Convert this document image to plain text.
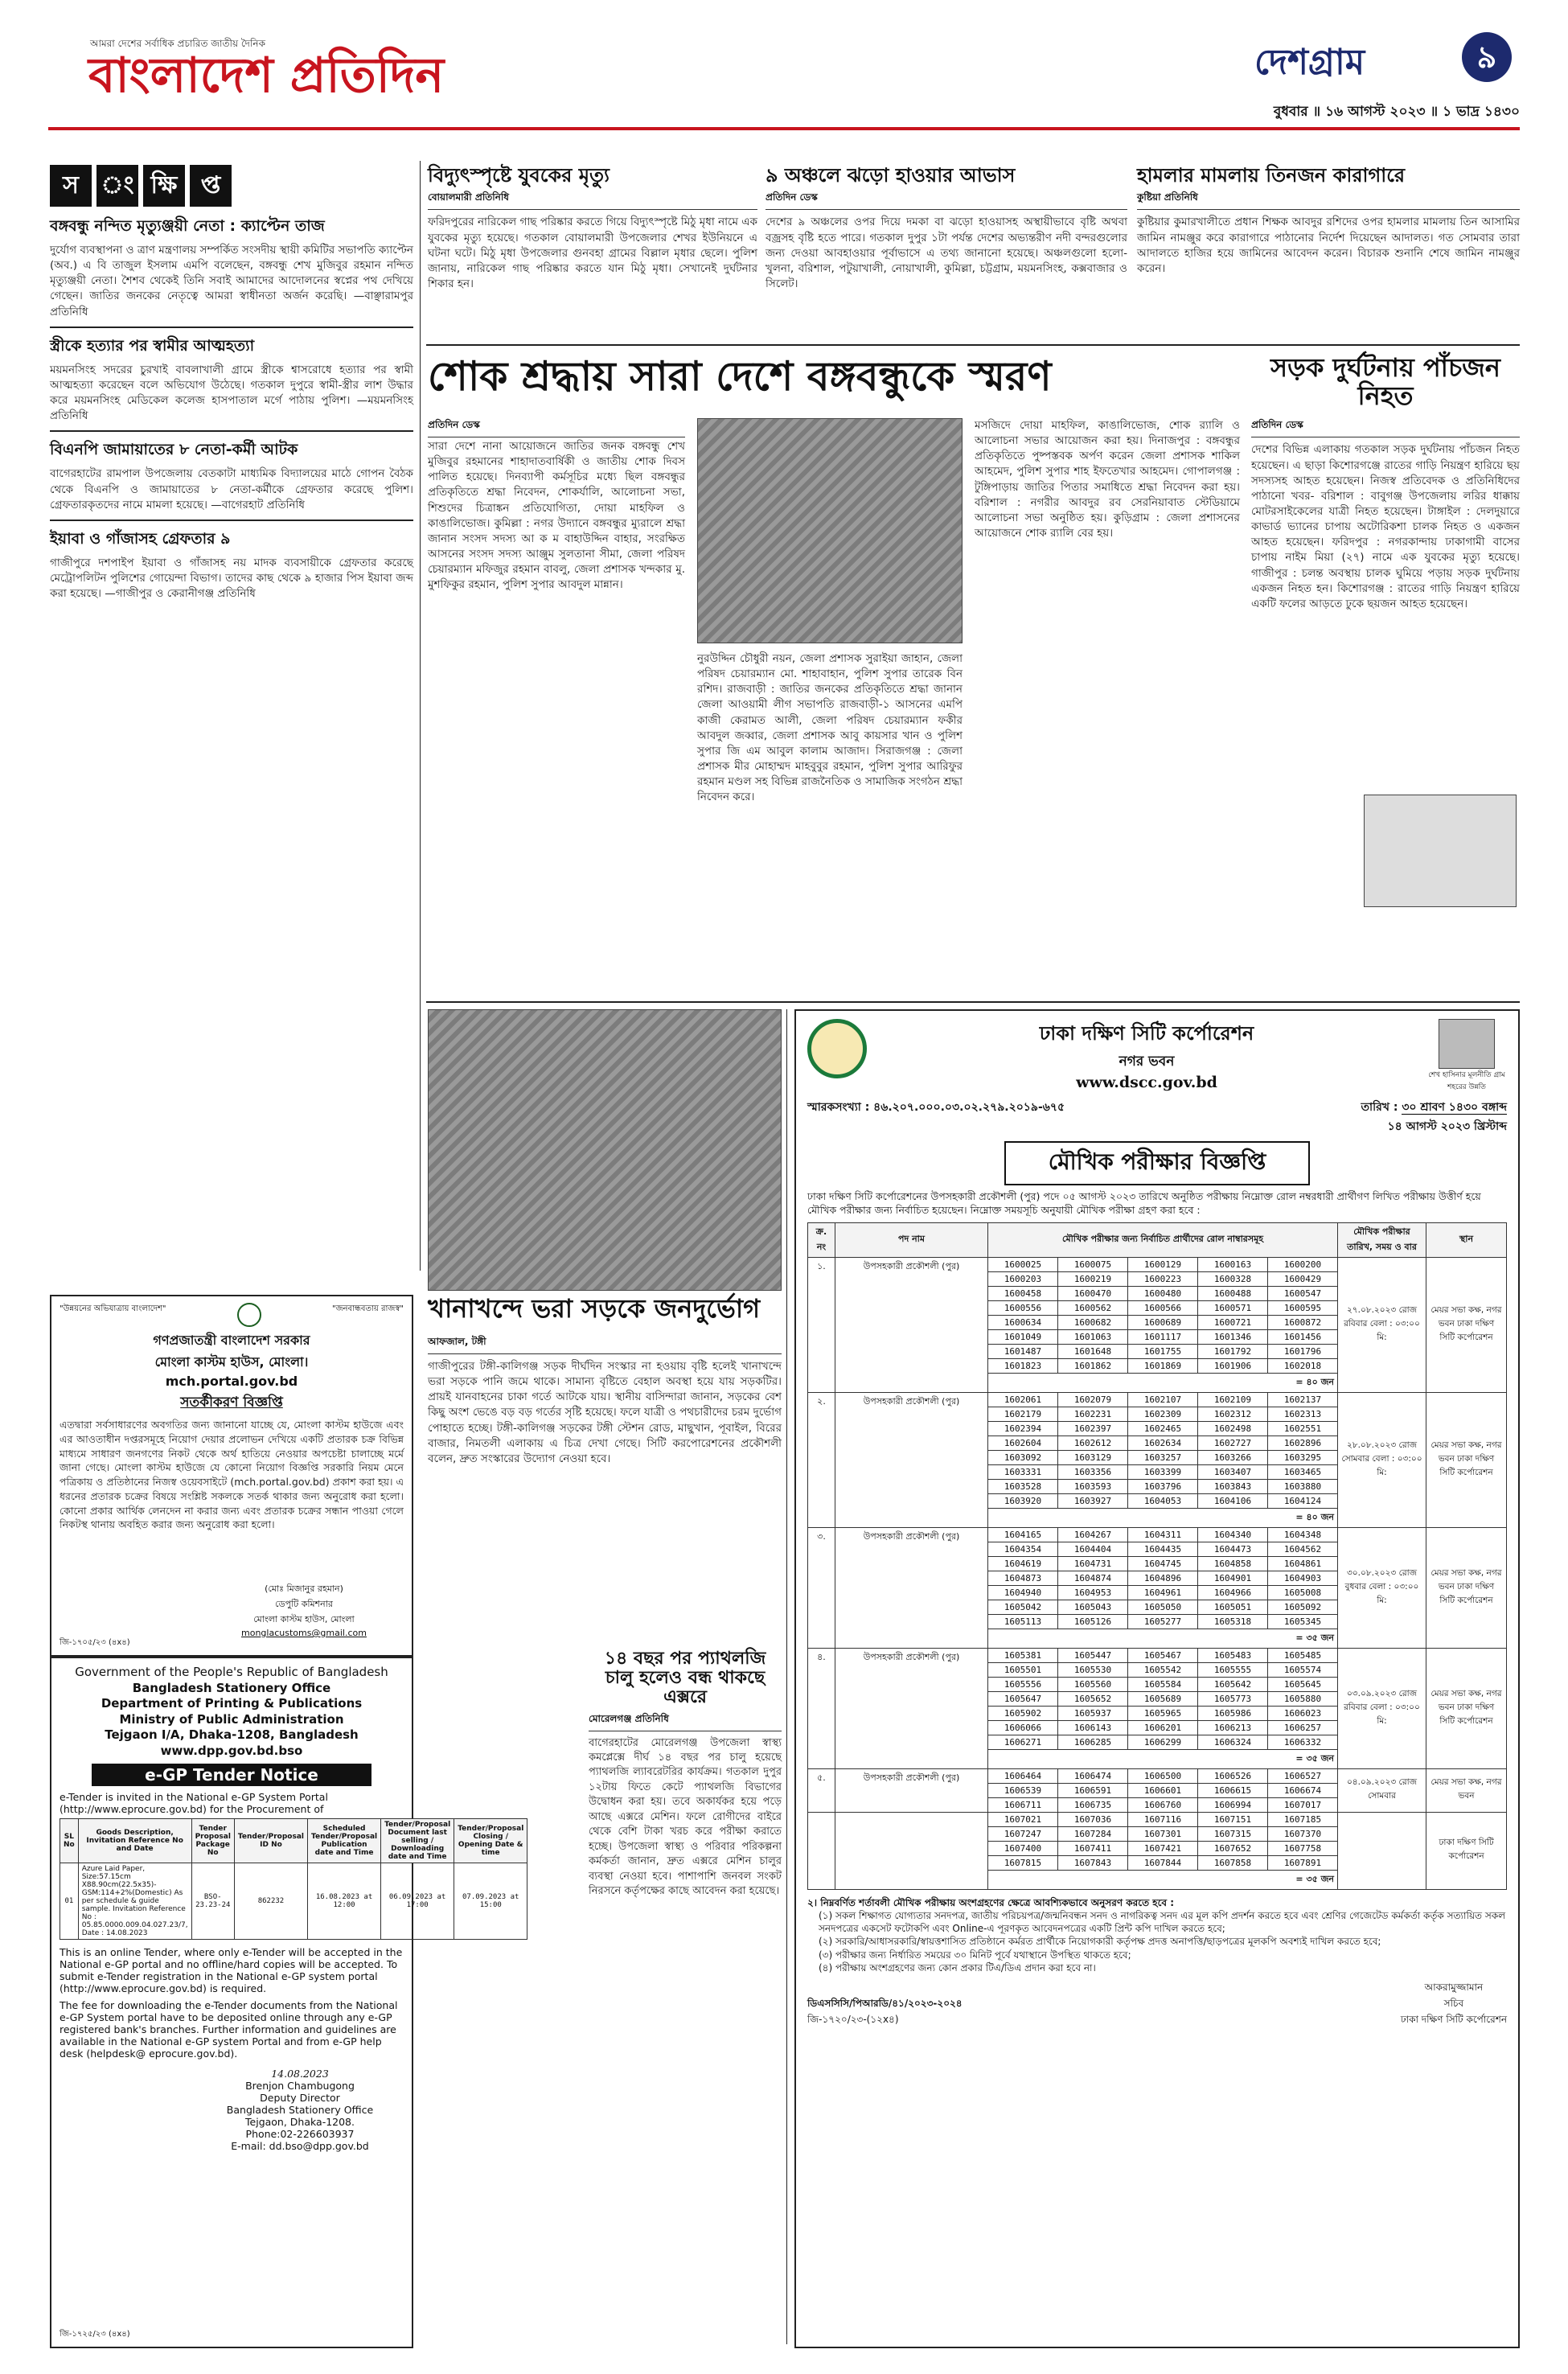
আমরা দেশের সর্বাধিক প্রচারিত জাতীয় দৈনিক
বাংলাদেশ প্রতিদিন	দেশগ্রাম	৯
বুধবার ॥ ১৬ আগস্ট ২০২৩ ॥ ১ ভাদ্র ১৪৩০
স ং ক্ষি প্ত
বঙ্গবন্ধু নন্দিত মৃত্যুঞ্জয়ী নেতা : ক্যাপ্টেন তাজ
দুর্যোগ ব্যবস্থাপনা ও ত্রাণ মন্ত্রণালয় সম্পর্কিত সংসদীয় স্থায়ী কমিটির সভাপতি ক্যাপ্টেন (অব.) এ বি তাজুল ইসলাম এমপি বলেছেন, বঙ্গবন্ধু শেখ মুজিবুর রহমান নন্দিত মৃত্যুঞ্জয়ী নেতা। শৈশব থেকেই তিনি সবাই আমাদের আদোলনের স্বপ্নের পথ দেখিয়ে গেছেন। জাতির জনকের নেতৃত্বে আমরা স্বাধীনতা অর্জন করেছি। —বাঞ্ছারামপুর প্রতিনিধি
স্ত্রীকে হত্যার পর স্বামীর আত্মহত্যা
ময়মনসিংহ সদরের চুরখাই বাবলাখালী গ্রামে স্ত্রীকে শ্বাসরোধে হত্যার পর স্বামী আত্মহত্যা করেছেন বলে অভিযোগ উঠেছে। গতকাল দুপুরে স্বামী-স্ত্রীর লাশ উদ্ধার করে ময়মনসিংহ মেডিকেল কলেজ হাসপাতাল মর্গে পাঠায় পুলিশ। —ময়মনসিংহ প্রতিনিধি
বিএনপি জামায়াতের ৮ নেতা-কর্মী আটক
বাগেরহাটের রামপাল উপজেলায় বেতকাটা মাধ্যমিক বিদ্যালয়ের মাঠে গোপন বৈঠক থেকে বিএনপি ও জামায়াতের ৮ নেতা-কর্মীকে গ্রেফতার করেছে পুলিশ। গ্রেফতারকৃতদের নামে মামলা হয়েছে। —বাগেরহাট প্রতিনিধি
ইয়াবা ও গাঁজাসহ গ্রেফতার ৯
গাজীপুরে দশপাইপ ইয়াবা ও গাঁজাসহ নয় মাদক ব্যবসায়ীকে গ্রেফতার করেছে মেট্রোপলিটন পুলিশের গোয়েন্দা বিভাগ। তাদের কাছ থেকে ৯ হাজার পিস ইয়াবা জব্দ করা হয়েছে। —গাজীপুর ও কেরানীগঞ্জ প্রতিনিধি
বিদ্যুৎস্পৃষ্টে যুবকের মৃত্যু
বোয়ালমারী প্রতিনিধি
ফরিদপুরের নারিকেল গাছ পরিষ্কার করতে গিয়ে বিদ্যুৎস্পৃষ্টে মিঠু মৃধা নামে এক যুবকের মৃত্যু হয়েছে। গতকাল বোয়ালমারী উপজেলার শেখর ইউনিয়নে এ ঘটনা ঘটে। মিঠু মৃধা উপজেলার গুনবহা গ্রামের বিল্লাল মৃধার ছেলে। পুলিশ জানায়, নারিকেল গাছ পরিষ্কার করতে যান মিঠু মৃধা। সেখানেই দুর্ঘটনার শিকার হন।
৯ অঞ্চলে ঝড়ো হাওয়ার আভাস
প্রতিদিন ডেস্ক
দেশের ৯ অঞ্চলের ওপর দিয়ে দমকা বা ঝড়ো হাওয়াসহ অস্থায়ীভাবে বৃষ্টি অথবা বজ্রসহ বৃষ্টি হতে পারে। গতকাল দুপুর ১টা পর্যন্ত দেশের অভ্যন্তরীণ নদী বন্দরগুলোর জন্য দেওয়া আবহাওয়ার পূর্বাভাসে এ তথ্য জানানো হয়েছে। অঞ্চলগুলো হলো- খুলনা, বরিশাল, পটুয়াখালী, নোয়াখালী, কুমিল্লা, চট্টগ্রাম, ময়মনসিংহ, কক্সবাজার ও সিলেট।
হামলার মামলায় তিনজন কারাগারে
কুষ্টিয়া প্রতিনিধি
কুষ্টিয়ার কুমারখালীতে প্রধান শিক্ষক আবদুর রশিদের ওপর হামলার মামলায় তিন আসামির জামিন নামঞ্জুর করে কারাগারে পাঠানোর নির্দেশ দিয়েছেন আদালত। গত সোমবার তারা আদালতে হাজির হয়ে জামিনের আবেদন করেন। বিচারক শুনানি শেষে জামিন নামঞ্জুর করেন।
শোক শ্রদ্ধায় সারা দেশে বঙ্গবন্ধুকে স্মরণ
প্রতিদিন ডেস্ক
সারা দেশে নানা আয়োজনে জাতির জনক বঙ্গবন্ধু শেখ মুজিবুর রহমানের শাহাদাতবার্ষিকী ও জাতীয় শোক দিবস পালিত হয়েছে। দিনব্যাপী কর্মসূচির মধ্যে ছিল বঙ্গবন্ধুর প্রতিকৃতিতে শ্রদ্ধা নিবেদন, শোকর্যালি, আলোচনা সভা, শিশুদের চিত্রাঙ্কন প্রতিযোগিতা, দোয়া মাহফিল ও কাঙালিভোজ। কুমিল্লা : নগর উদ্যানে বঙ্গবন্ধুর ম্যুরালে শ্রদ্ধা জানান সংসদ সদস্য আ ক ম বাহাউদ্দিন বাহার, সংরক্ষিত আসনের সংসদ সদস্য আঞ্জুম সুলতানা সীমা, জেলা পরিষদ চেয়ারম্যান মফিজুর রহমান বাবলু, জেলা প্রশাসক খন্দকার মু. মুশফিকুর রহমান, পুলিশ সুপার আবদুল মান্নান।
নুরউদ্দিন চৌধুরী নয়ন, জেলা প্রশাসক সুরাইয়া জাহান, জেলা পরিষদ চেয়ারম্যান মো. শাহাবাহান, পুলিশ সুপার তারেক বিন রশিদ। রাজবাড়ী : জাতির জনকের প্রতিকৃতিতে শ্রদ্ধা জানান জেলা আওয়ামী লীগ সভাপতি রাজবাড়ী-১ আসনের এমপি কাজী কেরামত আলী, জেলা পরিষদ চেয়ারম্যান ফকীর আবদুল জব্বার, জেলা প্রশাসক আবু কায়সার খান ও পুলিশ সুপার জি এম আবুল কালাম আজাদ। সিরাজগঞ্জ : জেলা প্রশাসক মীর মোহাম্মদ মাহবুবুর রহমান, পুলিশ সুপার আরিফুর রহমান মণ্ডল সহ বিভিন্ন রাজনৈতিক ও সামাজিক সংগঠন শ্রদ্ধা নিবেদন করে।
মসজিদে দোয়া মাহফিল, কাঙালিভোজ, শোক র‌্যালি ও আলোচনা সভার আয়োজন করা হয়। দিনাজপুর : বঙ্গবন্ধুর প্রতিকৃতিতে পুষ্পস্তবক অর্পণ করেন জেলা প্রশাসক শাকিল আহমেদ, পুলিশ সুপার শাহ ইফতেখার আহমেদ। গোপালগঞ্জ : টুঙ্গিপাড়ায় জাতির পিতার সমাধিতে শ্রদ্ধা নিবেদন করা হয়। বরিশাল : নগরীর আবদুর রব সেরনিয়াবাত স্টেডিয়ামে আলোচনা সভা অনুষ্ঠিত হয়। কুড়িগ্রাম : জেলা প্রশাসনের আয়োজনে শোক র‌্যালি বের হয়।
সড়ক দুর্ঘটনায় পাঁচজন নিহত
প্রতিদিন ডেস্ক
দেশের বিভিন্ন এলাকায় গতকাল সড়ক দুর্ঘটনায় পাঁচজন নিহত হয়েছেন। এ ছাড়া কিশোরগঞ্জে রাতের গাড়ি নিয়ন্ত্রণ হারিয়ে ছয় সদস্যসহ আহত হয়েছেন। নিজস্ব প্রতিবেদক ও প্রতিনিধিদের পাঠানো খবর- বরিশাল : বাবুগঞ্জ উপজেলায় লরির ধাক্কায় মোটরসাইকেলের যাত্রী নিহত হয়েছেন। টাঙ্গাইল : দেলদুয়ারে কাভার্ড ভ্যানের চাপায় অটোরিকশা চালক নিহত ও একজন আহত হয়েছেন। ফরিদপুর : নগরকান্দায় ঢাকাগামী বাসের চাপায় নাইম মিয়া (২৭) নামে এক যুবকের মৃত্যু হয়েছে। গাজীপুর : চলন্ত অবস্থায় চালক ঘুমিয়ে পড়ায় সড়ক দুর্ঘটনায় একজন নিহত হন। কিশোরগঞ্জ : রাতের গাড়ি নিয়ন্ত্রণ হারিয়ে একটি ফলের আড়তে ঢুকে ছয়জন আহত হয়েছেন।
খানাখন্দে ভরা সড়কে জনদুর্ভোগ
আফজাল, টঙ্গী
গাজীপুরের টঙ্গী-কালিগঞ্জ সড়ক দীর্ঘদিন সংস্কার না হওয়ায় বৃষ্টি হলেই খানাখন্দে ভরা সড়কে পানি জমে থাকে। সামান্য বৃষ্টিতে বেহাল অবস্থা হয়ে যায় সড়কটির। প্রায়ই যানবাহনের চাকা গর্তে আটকে যায়। স্থানীয় বাসিন্দারা জানান, সড়কের বেশ কিছু অংশ ভেঙে বড় বড় গর্তের সৃষ্টি হয়েছে। ফলে যাত্রী ও পথচারীদের চরম দুর্ভোগ পোহাতে হচ্ছে। টঙ্গী-কালিগঞ্জ সড়কের টঙ্গী স্টেশন রোড, মাছুখান, পূবাইল, বিরের বাজার, নিমতলী এলাকায় এ চিত্র দেখা গেছে। সিটি করপোরেশনের প্রকৌশলী বলেন, দ্রুত সংস্কারের উদ্যোগ নেওয়া হবে।
"উন্নয়নের অভিযাত্রায় বাংলাদেশ"	"জনবান্ধবতায় রাজস্ব"
গণপ্রজাতন্ত্রী বাংলাদেশ সরকার
মোংলা কাস্টম হাউস, মোংলা।
mch.portal.gov.bd
সতর্কীকরণ বিজ্ঞপ্তি
এতদ্বারা সর্বসাধারণের অবগতির জন্য জানানো যাচ্ছে যে, মোংলা কাস্টম হাউজে এবং এর আওতাধীন দপ্তরসমূহে নিয়োগ দেয়ার প্রলোভন দেখিয়ে একটি প্রতারক চক্র বিভিন্ন মাধ্যমে সাধারণ জনগণের নিকট থেকে অর্থ হাতিয়ে নেওয়ার অপচেষ্টা চালাচ্ছে মর্মে জানা গেছে। মোংলা কাস্টম হাউজে যে কোনো নিয়োগ বিজ্ঞপ্তি সরকারি নিয়ম মেনে পত্রিকায় ও প্রতিষ্ঠানের নিজস্ব ওয়েবসাইটে (mch.portal.gov.bd) প্রকাশ করা হয়। এ ধরনের প্রতারক চক্রের বিষয়ে সংশ্লিষ্ট সকলকে সতর্ক থাকার জন্য অনুরোধ করা হলো। কোনো প্রকার আর্থিক লেনদেন না করার জন্য এবং প্রতারক চক্রের সন্ধান পাওয়া গেলে নিকটস্থ থানায় অবহিত করার জন্য অনুরোধ করা হলো।
(মোঃ মিজানুর রহমান)
ডেপুটি কমিশনার
মোংলা কাস্টম হাউস, মোংলা
monglacustoms@gmail.com
জি-১৭০৫/২৩ (৪x৪)
Government of the People's Republic of Bangladesh
Bangladesh Stationery Office
Department of Printing & Publications
Ministry of Public Administration
Tejgaon I/A, Dhaka-1208, Bangladesh
www.dpp.gov.bd.bso
e-GP Tender Notice
e-Tender is invited in the National e-GP System Portal (http://www.eprocure.gov.bd) for the Procurement of
SL No	Goods Description, Invitation Reference No and Date	Tender Proposal Package No	Tender/Proposal ID No	Scheduled Tender/Proposal Publication date and Time	Tender/Proposal Document last selling / Downloading date and Time	Tender/Proposal Closing / Opening Date & time
01	Azure Laid Paper, Size:57.15cm X88.90cm(22.5x35)-GSM:114+2%(Domestic) As per schedule & guide sample. Invitation Reference No : 05.85.0000.009.04.027.23/7, Date : 14.08.2023	BSO-23.23-24	862232	16.08.2023 at 12:00	06.09.2023 at 17:00	07.09.2023 at 15:00
This is an online Tender, where only e-Tender will be accepted in the National e-GP portal and no offline/hard copies will be accepted. To submit e-Tender registration in the National e-GP system portal (http://www.eprocure.gov.bd) is required.
The fee for downloading the e-Tender documents from the National e-GP System portal have to be deposited online through any e-GP registered bank's branches. Further information and guidelines are available in the National e-GP system Portal and from e-GP help desk (helpdesk@ eprocure.gov.bd).
14.08.2023
Brenjon Chambugong
Deputy Director
Bangladesh Stationery Office
Tejgaon, Dhaka-1208.
Phone:02-226603937
E-mail: dd.bso@dpp.gov.bd
জি-১৭২৫/২৩ (৪x৪)
১৪ বছর পর প্যাথলজি চালু হলেও বন্ধ থাকছে এক্সরে
মোরেলগঞ্জ প্রতিনিধি
বাগেরহাটের মোরেলগঞ্জ উপজেলা স্বাস্থ্য কমপ্লেক্সে দীর্ঘ ১৪ বছর পর চালু হয়েছে প্যাথলজি ল্যাবরেটরির কার্যক্রম। গতকাল দুপুর ১২টায় ফিতে কেটে প্যাথলজি বিভাগের উদ্বোধন করা হয়। তবে অকার্যকর হয়ে পড়ে আছে এক্সরে মেশিন। ফলে রোগীদের বাইরে থেকে বেশি টাকা খরচ করে পরীক্ষা করাতে হচ্ছে। উপজেলা স্বাস্থ্য ও পরিবার পরিকল্পনা কর্মকর্তা জানান, দ্রুত এক্সরে মেশিন চালুর ব্যবস্থা নেওয়া হবে। পাশাপাশি জনবল সংকট নিরসনে কর্তৃপক্ষের কাছে আবেদন করা হয়েছে।
ঢাকা দক্ষিণ সিটি কর্পোরেশন
নগর ভবন
www.dscc.gov.bd	শেখ হাসিনার মূলনীতি গ্রাম শহরের উন্নতি
স্মারকসংখ্যা : ৪৬.২০৭.০০০.০৩.০২.২৭৯.২০১৯-৬৭৫	তারিখ : ৩০ শ্রাবণ ১৪৩০ বঙ্গাব্দ
১৪ আগস্ট ২০২৩ খ্রিস্টাব্দ
মৌখিক পরীক্ষার বিজ্ঞপ্তি
ঢাকা দক্ষিণ সিটি কর্পোরেশনের উপসহকারী প্রকৌশলী (পুর) পদে ০৫ আগস্ট ২০২৩ তারিখে অনুষ্ঠিত পরীক্ষায় নিম্নোক্ত রোল নম্বরধারী প্রার্থীগণ লিখিত পরীক্ষায় উত্তীর্ণ হয়ে মৌখিক পরীক্ষার জন্য নির্বাচিত হয়েছেন। নিম্নোক্ত সময়সূচি অনুযায়ী মৌখিক পরীক্ষা গ্রহণ করা হবে :
ক্র. নং	পদ নাম	মৌখিক পরীক্ষার জন্য নির্বাচিত প্রার্থীদের রোল নাম্বারসমূহ					মৌখিক পরীক্ষার তারিখ, সময় ও বার	স্থান
১.	উপসহকারী প্রকৌশলী (পুর)	1600025	1600075	1600129	1600163	1600200	২৭.০৮.২০২৩ রোজ রবিবার বেলা : ০৩:০০ মি:	মেয়র সভা কক্ষ, নগর ভবন ঢাকা দক্ষিণ সিটি কর্পোরেশন
		1600203	1600219	1600223	1600328	1600429		
		1600458	1600470	1600480	1600488	1600547		
		1600556	1600562	1600566	1600571	1600595		
		1600634	1600682	1600689	1600721	1600872		
		1601049	1601063	1601117	1601346	1601456		
		1601487	1601648	1601755	1601792	1601796		
		1601823	1601862	1601869	1601906	1602018		
		= ৪০ জন						
২.	উপসহকারী প্রকৌশলী (পুর)	1602061	1602079	1602107	1602109	1602137	২৮.০৮.২০২৩ রোজ সোমবার বেলা : ০৩:০০ মি:	মেয়র সভা কক্ষ, নগর ভবন ঢাকা দক্ষিণ সিটি কর্পোরেশন
		1602179	1602231	1602309	1602312	1602313		
		1602394	1602397	1602465	1602498	1602551		
		1602604	1602612	1602634	1602727	1602896		
		1603092	1603129	1603257	1603266	1603295		
		1603331	1603356	1603399	1603407	1603465		
		1603528	1603593	1603796	1603843	1603880		
		1603920	1603927	1604053	1604106	1604124		
		= ৪০ জন						
৩.	উপসহকারী প্রকৌশলী (পুর)	1604165	1604267	1604311	1604340	1604348	৩০.০৮.২০২৩ রোজ বুধবার বেলা : ০৩:০০ মি:	মেয়র সভা কক্ষ, নগর ভবন ঢাকা দক্ষিণ সিটি কর্পোরেশন
		1604354	1604404	1604435	1604473	1604562		
		1604619	1604731	1604745	1604858	1604861		
		1604873	1604874	1604896	1604901	1604903		
		1604940	1604953	1604961	1604966	1605008		
		1605042	1605043	1605050	1605051	1605092		
		1605113	1605126	1605277	1605318	1605345		
		= ৩৫ জন						
৪.	উপসহকারী প্রকৌশলী (পুর)	1605381	1605447	1605467	1605483	1605485	০৩.০৯.২০২৩ রোজ রবিবার বেলা : ০৩:০০ মি:	মেয়র সভা কক্ষ, নগর ভবন ঢাকা দক্ষিণ সিটি কর্পোরেশন
		1605501	1605530	1605542	1605555	1605574		
		1605556	1605560	1605584	1605642	1605645		
		1605647	1605652	1605689	1605773	1605880		
		1605902	1605937	1605965	1605986	1606023		
		1606066	1606143	1606201	1606213	1606257		
		1606271	1606285	1606299	1606324	1606332		
		= ৩৫ জন						
৫.	উপসহকারী প্রকৌশলী (পুর)	1606464	1606474	1606500	1606526	1606527	০৪.০৯.২০২৩ রোজ সোমবার	মেয়র সভা কক্ষ, নগর ভবন
		1606539	1606591	1606601	1606615	1606674		
		1606711	1606735	1606760	1606994	1607017		
		1607021	1607036	1607116	1607151	1607185		ঢাকা দক্ষিণ সিটি কর্পোরেশন
		1607247	1607284	1607301	1607315	1607370		
		1607400	1607411	1607421	1607652	1607758		
		1607815	1607843	1607844	1607858	1607891		
		= ৩৫ জন						
২। নিম্নবর্ণিত শর্তাবলী মৌখিক পরীক্ষায় অংশগ্রহণের ক্ষেত্রে আবশ্যিকভাবে অনুসরণ করতে হবে :
(১) সকল শিক্ষাগত যোগ্যতার সনদপত্র, জাতীয় পরিচয়পত্র/জন্মনিবন্ধন সনদ ও নাগরিকত্ব সনদ এর মূল কপি প্রদর্শন করতে হবে এবং শ্রেণির গেজেটেড কর্মকর্তা কর্তৃক সত্যায়িত সকল সনদপত্রের একসেট ফটোকপি এবং Online-এ পূরণকৃত আবেদনপত্রের একটি প্রিন্ট কপি দাখিল করতে হবে;
(২) সরকারি/আধাসরকারি/স্বায়ত্তশাসিত প্রতিষ্ঠানে কর্মরত প্রার্থীকে নিয়োগকারী কর্তৃপক্ষ প্রদত্ত অনাপত্তি/ছাড়পত্রের মূলকপি অবশ্যই দাখিল করতে হবে;
(৩) পরীক্ষার জন্য নির্ধারিত সময়ের ৩০ মিনিট পূর্বে যথাস্থানে উপস্থিত থাকতে হবে;
(৪) পরীক্ষায় অংশগ্রহণের জন্য কোন প্রকার টিএ/ডিএ প্রদান করা হবে না।
ডিএসসিসি/পিআরডি/৪১/২০২৩-২০২৪
জি-১৭২০/২৩-(১২x৪)
আকরামুজ্জামান
সচিব
ঢাকা দক্ষিণ সিটি কর্পোরেশন
